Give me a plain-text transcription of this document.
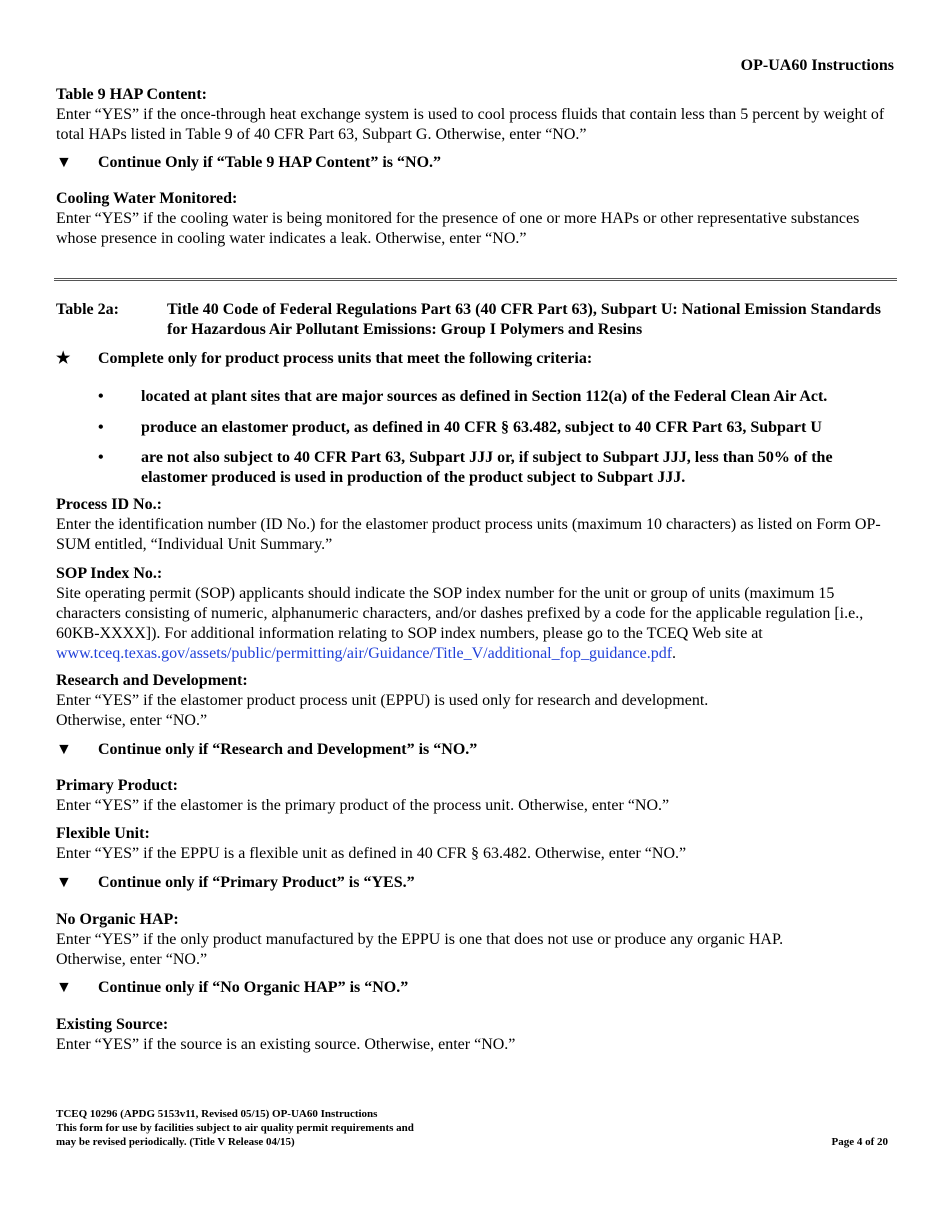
OP-UA60 Instructions
Table 9 HAP Content:
Enter “YES” if the once-through heat exchange system is used to cool process fluids that contain less than 5 percent by weight of total HAPs listed in Table 9 of 40 CFR Part 63, Subpart G. Otherwise, enter “NO.”
▼	Continue Only if “Table 9 HAP Content” is “NO.”
Cooling Water Monitored:
Enter “YES” if the cooling water is being monitored for the presence of one or more HAPs or other representative substances whose presence in cooling water indicates a leak. Otherwise, enter “NO.”
Table 2a:	Title 40 Code of Federal Regulations Part 63 (40 CFR Part 63), Subpart U: National Emission Standards for Hazardous Air Pollutant Emissions: Group I Polymers and Resins
★	Complete only for product process units that meet the following criteria:
•	located at plant sites that are major sources as defined in Section 112(a) of the Federal Clean Air Act.
•	produce an elastomer product, as defined in 40 CFR § 63.482, subject to 40 CFR Part 63, Subpart U
•	are not also subject to 40 CFR Part 63, Subpart JJJ or, if subject to Subpart JJJ, less than 50% of the elastomer produced is used in production of the product subject to Subpart JJJ.
Process ID No.:
Enter the identification number (ID No.) for the elastomer product process units (maximum 10 characters) as listed on Form OP-SUM entitled, “Individual Unit Summary.”
SOP Index No.:
Site operating permit (SOP) applicants should indicate the SOP index number for the unit or group of units (maximum 15 characters consisting of numeric, alphanumeric characters, and/or dashes prefixed by a code for the applicable regulation [i.e., 60KB-XXXX]). For additional information relating to SOP index numbers, please go to the TCEQ Web site at www.tceq.texas.gov/assets/public/permitting/air/Guidance/Title_V/additional_fop_guidance.pdf.
Research and Development:
Enter “YES” if the elastomer product process unit (EPPU) is used only for research and development.
Otherwise, enter “NO.”
▼	Continue only if “Research and Development” is “NO.”
Primary Product:
Enter “YES” if the elastomer is the primary product of the process unit. Otherwise, enter “NO.”
Flexible Unit:
Enter “YES” if the EPPU is a flexible unit as defined in 40 CFR § 63.482. Otherwise, enter “NO.”
▼	Continue only if “Primary Product” is “YES.”
No Organic HAP:
Enter “YES” if the only product manufactured by the EPPU is one that does not use or produce any organic HAP.
Otherwise, enter “NO.”
▼	Continue only if “No Organic HAP” is “NO.”
Existing Source:
Enter “YES” if the source is an existing source. Otherwise, enter “NO.”
TCEQ 10296 (APDG 5153v11, Revised 05/15) OP-UA60 Instructions
This form for use by facilities subject to air quality permit requirements and
may be revised periodically. (Title V Release 04/15)	Page 4 of 20
